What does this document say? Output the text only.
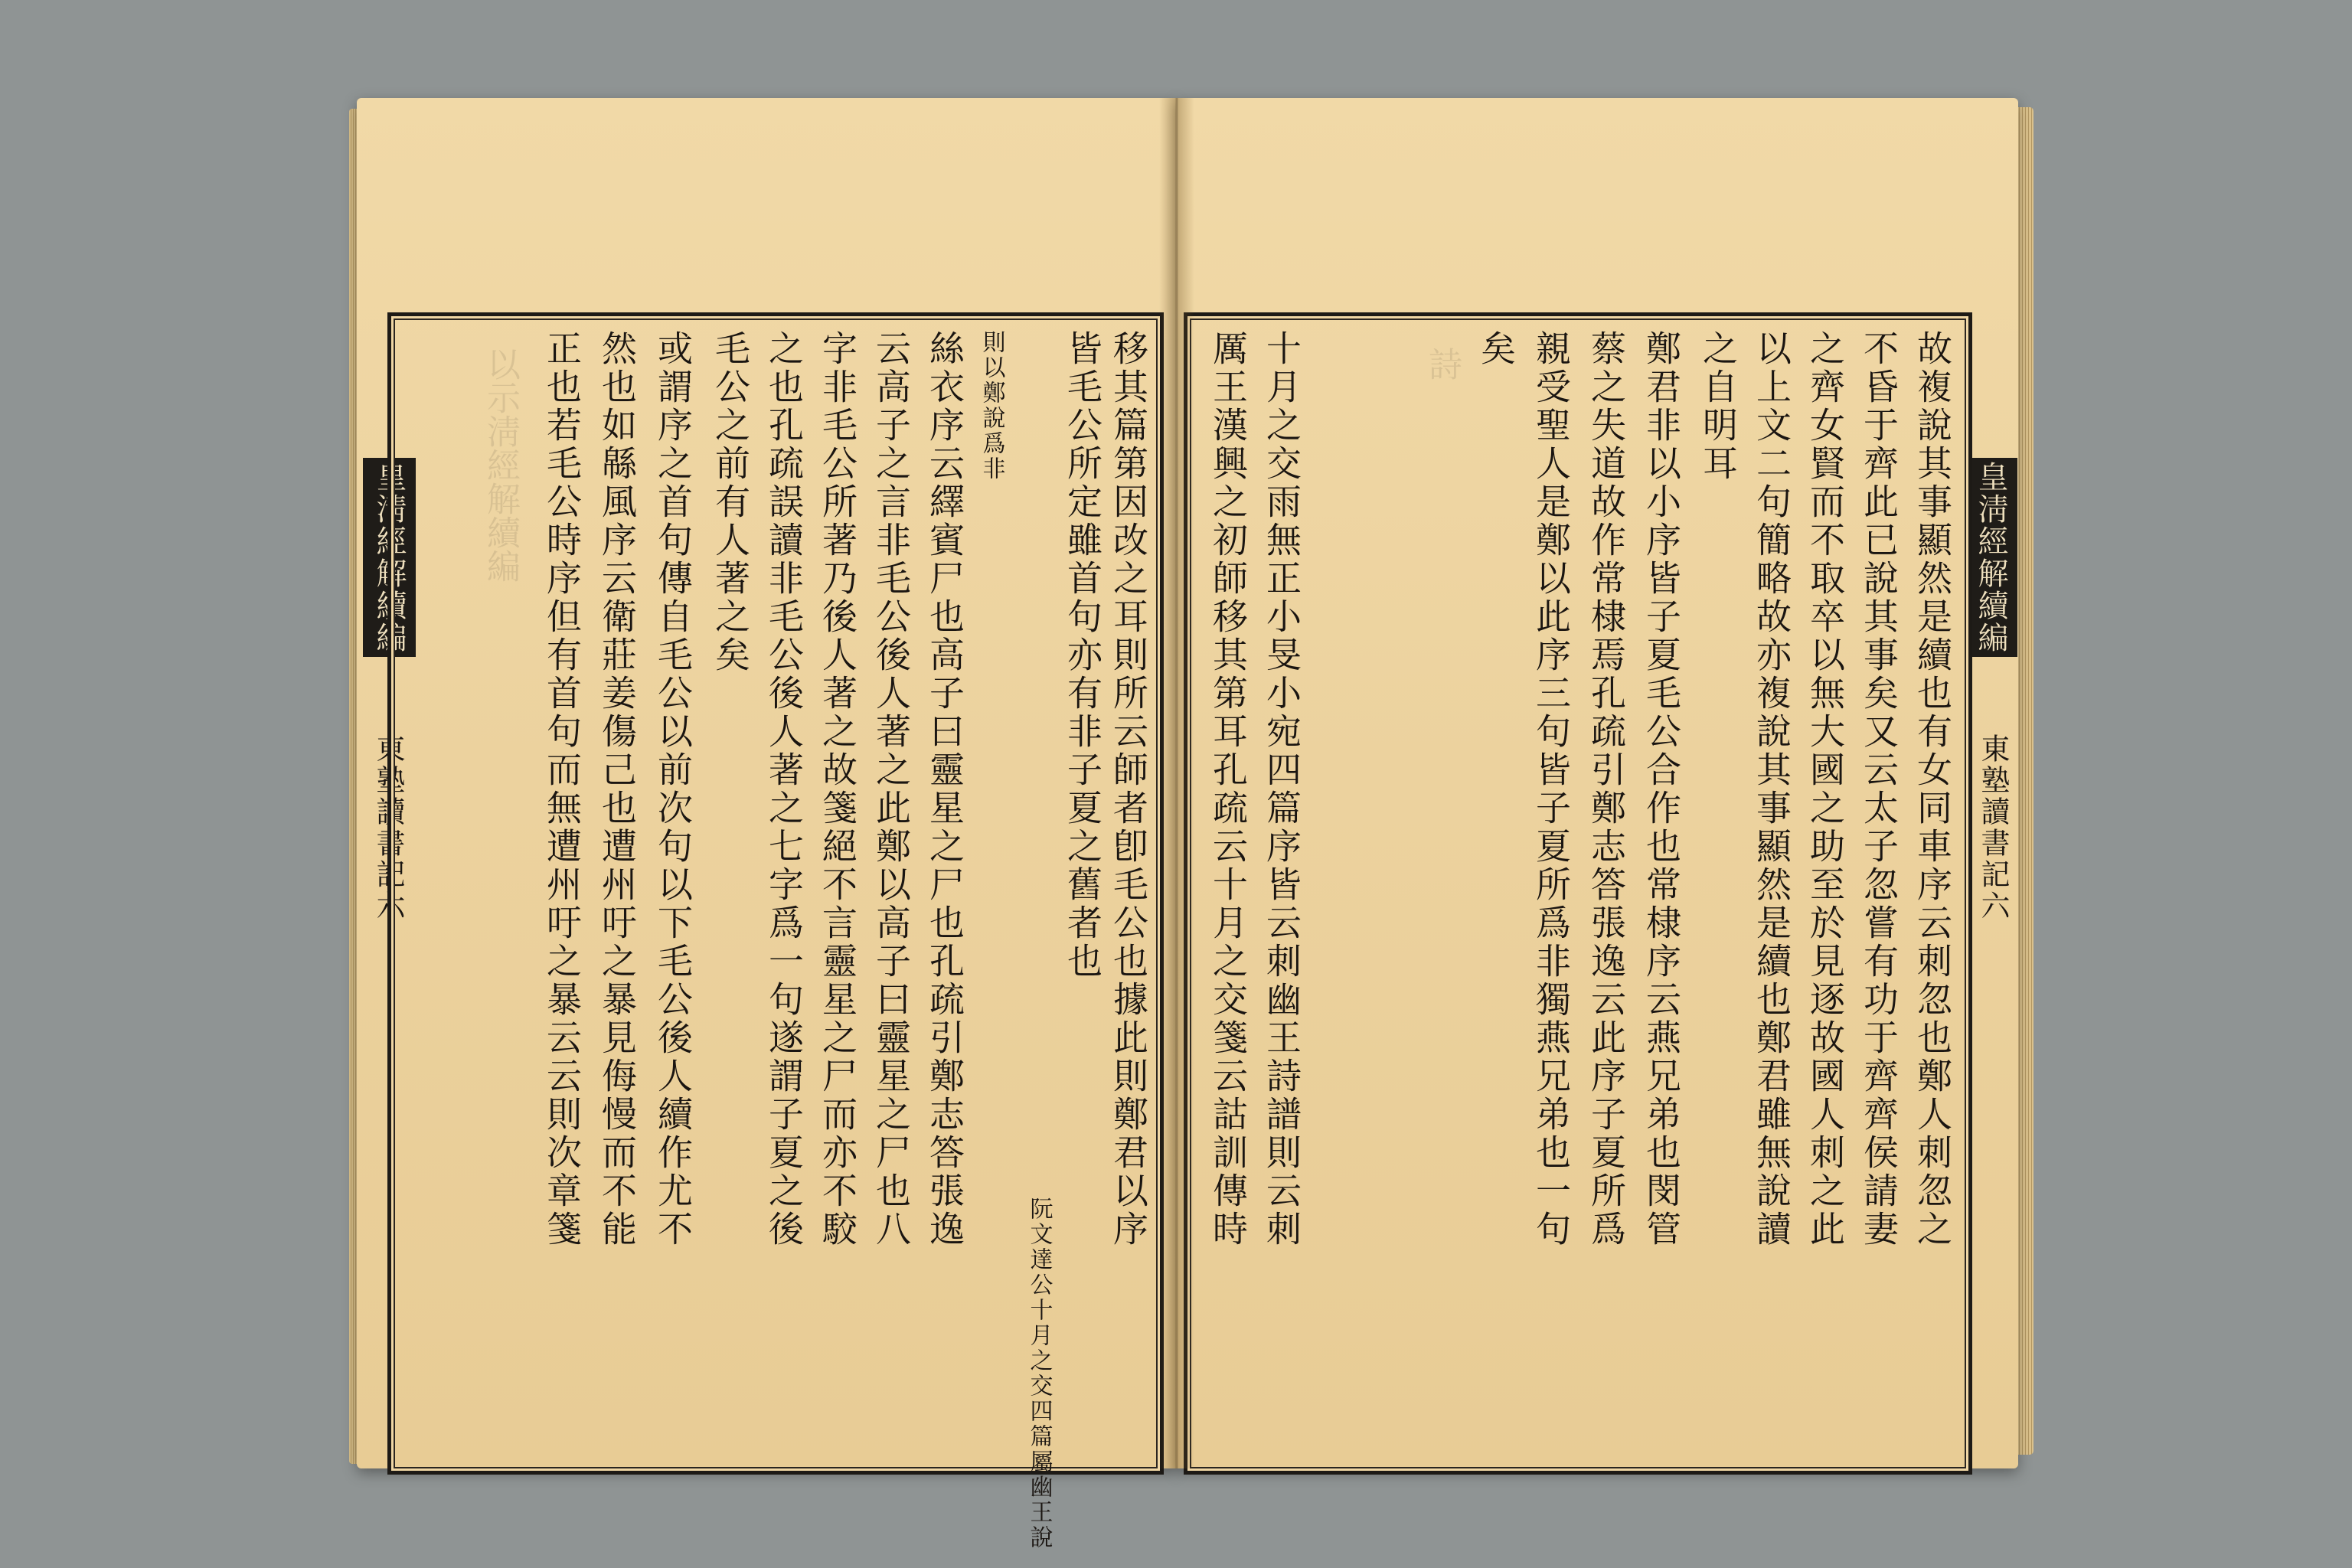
皇淸經解續編
東塾讀書記六	移其篇第因改之耳則所云師者卽毛公也據此則鄭君以序
皆毛公所定雖首句亦有非子夏之舊者也
阮文達公十月之交四篇屬幽王說
則以鄭說爲非
絲衣序云繹賓尸也高子曰靈星之尸也孔疏引鄭志答張逸
云高子之言非毛公後人著之此鄭以高子曰靈星之尸也八
字非毛公所著乃後人著之故箋絕不言靈星之尸而亦不駮
之也孔疏誤讀非毛公後人著之七字爲一句遂謂子夏之後
毛公之前有人著之矣
或謂序之首句傳自毛公以前次句以下毛公後人續作尤不
然也如緜風序云衛莊姜傷己也遭州吁之暴見侮慢而不能
正也若毛公時序但有首句而無遭州吁之暴云云則次章箋
以示淸經解續編	皇淸經解續編
東塾讀書記六
故複說其事顯然是續也有女同車序云刺忽也鄭人刺忽之
不昏于齊此已說其事矣又云太子忽嘗有功于齊齊侯請妻
之齊女賢而不取卒以無大國之助至於見逐故國人刺之此
以上文二句簡略故亦複說其事顯然是續也鄭君雖無說讀
之自明耳
鄭君非以小序皆子夏毛公合作也常棣序云燕兄弟也閔管
蔡之失道故作常棣焉孔疏引鄭志答張逸云此序子夏所爲
親受聖人是鄭以此序三句皆子夏所爲非獨燕兄弟也一句
矣
十月之交雨無正小旻小宛四篇序皆云刺幽王詩譜則云刺
厲王漢興之初師移其第耳孔疏云十月之交箋云詁訓傳時	詩
